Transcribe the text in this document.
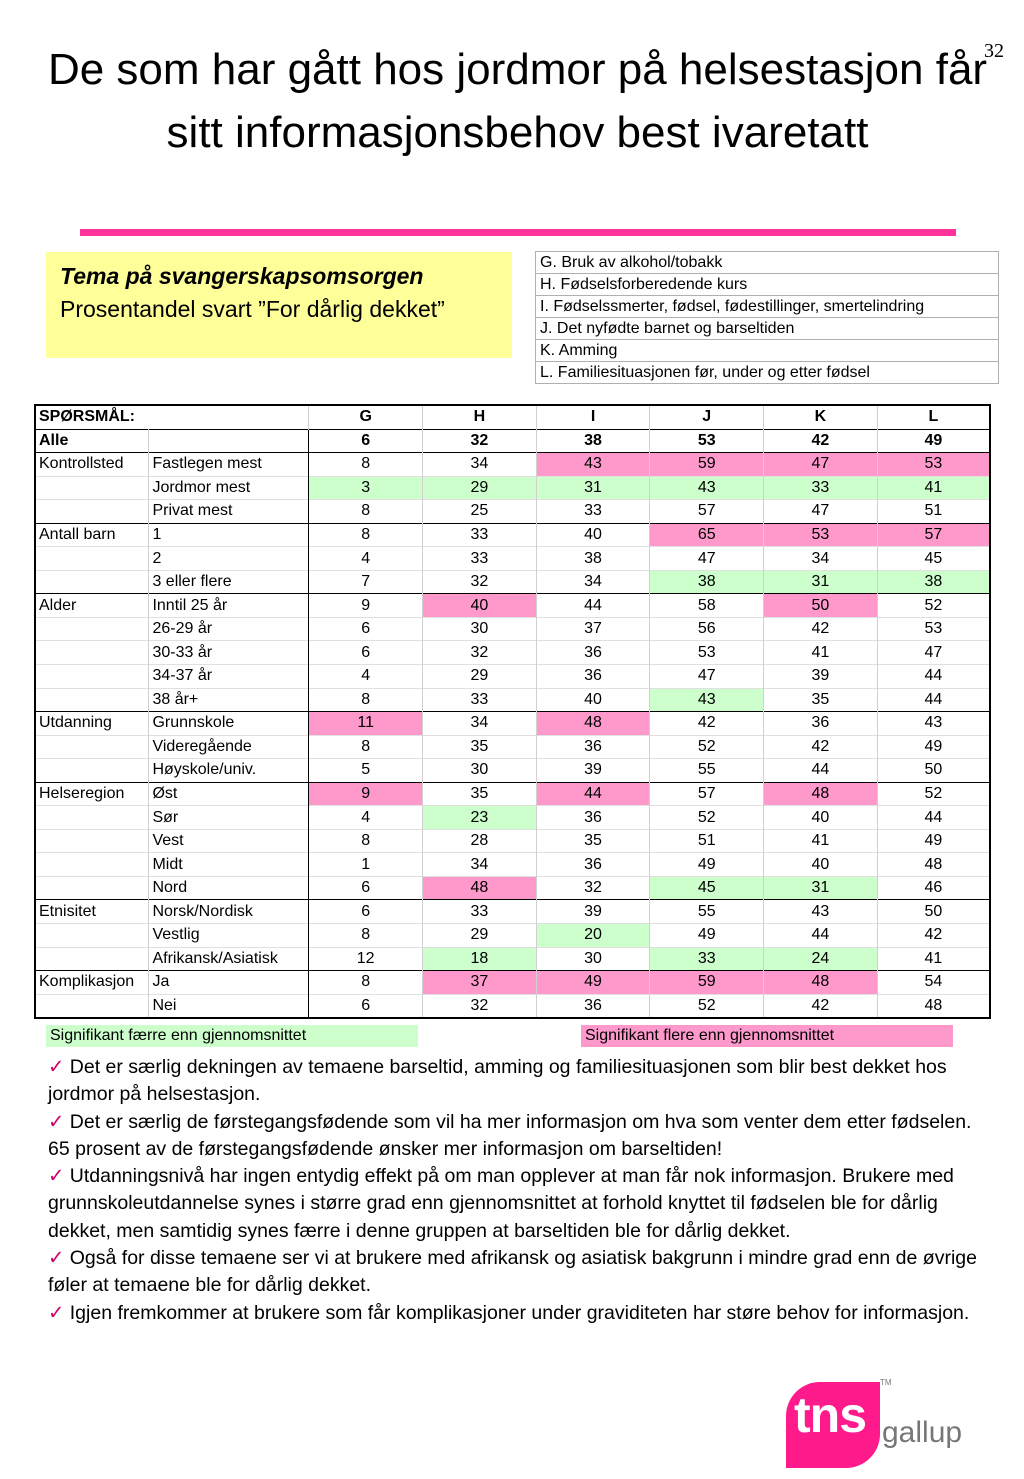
32
De som har gått hos jordmor på helsestasjon får sitt informasjonsbehov best ivaretatt
Tema på svangerskapsomsorgen
Prosentandel svart ”For dårlig dekket”
G. Bruk av alkohol/tobakk
H. Fødselsforberedende kurs
I. Fødselssmerter, fødsel, fødestillinger, smertelindring
J. Det nyfødte barnet og barseltiden
K. Amming
L. Familiesituasjonen før, under og etter fødsel
SPØRSMÅL:		G	H	I	J	K	L
Alle		6	32	38	53	42	49
Kontrollsted	Fastlegen mest	8	34	43	59	47	53
	Jordmor mest	3	29	31	43	33	41
	Privat mest	8	25	33	57	47	51
Antall barn	1	8	33	40	65	53	57
	2	4	33	38	47	34	45
	3 eller flere	7	32	34	38	31	38
Alder	Inntil 25 år	9	40	44	58	50	52
	26-29 år	6	30	37	56	42	53
	30-33 år	6	32	36	53	41	47
	34-37 år	4	29	36	47	39	44
	38 år+	8	33	40	43	35	44
Utdanning	Grunnskole	11	34	48	42	36	43
	Videregående	8	35	36	52	42	49
	Høyskole/univ.	5	30	39	55	44	50
Helseregion	Øst	9	35	44	57	48	52
	Sør	4	23	36	52	40	44
	Vest	8	28	35	51	41	49
	Midt	1	34	36	49	40	48
	Nord	6	48	32	45	31	46
Etnisitet	Norsk/Nordisk	6	33	39	55	43	50
	Vestlig	8	29	20	49	44	42
	Afrikansk/Asiatisk	12	18	30	33	24	41
Komplikasjon	Ja	8	37	49	59	48	54
	Nei	6	32	36	52	42	48
Signifikant færre enn gjennomsnittet	Signifikant flere enn gjennomsnittet

✓ Det er særlig dekningen av temaene barseltid, amming og familiesituasjonen som blir best dekket hos jordmor på helsestasjon.

✓ Det er særlig de førstegangsfødende som vil ha mer informasjon om hva som venter dem etter fødselen. 65 prosent av de førstegangsfødende ønsker mer informasjon om barseltiden!

✓ Utdanningsnivå har ingen entydig effekt på om man opplever at man får nok informasjon. Brukere med grunnskoleutdannelse synes i større grad enn gjennomsnittet at forhold knyttet til fødselen ble for dårlig dekket, men samtidig synes færre i denne gruppen at barseltiden ble for dårlig dekket.

✓ Også for disse temaene ser vi at brukere med afrikansk og asiatisk bakgrunn i mindre grad enn de øvrige føler at temaene ble for dårlig dekket.

✓ Igjen fremkommer at brukere som får komplikasjoner under graviditeten har støre behov for informasjon.

tns
TM
gallup
